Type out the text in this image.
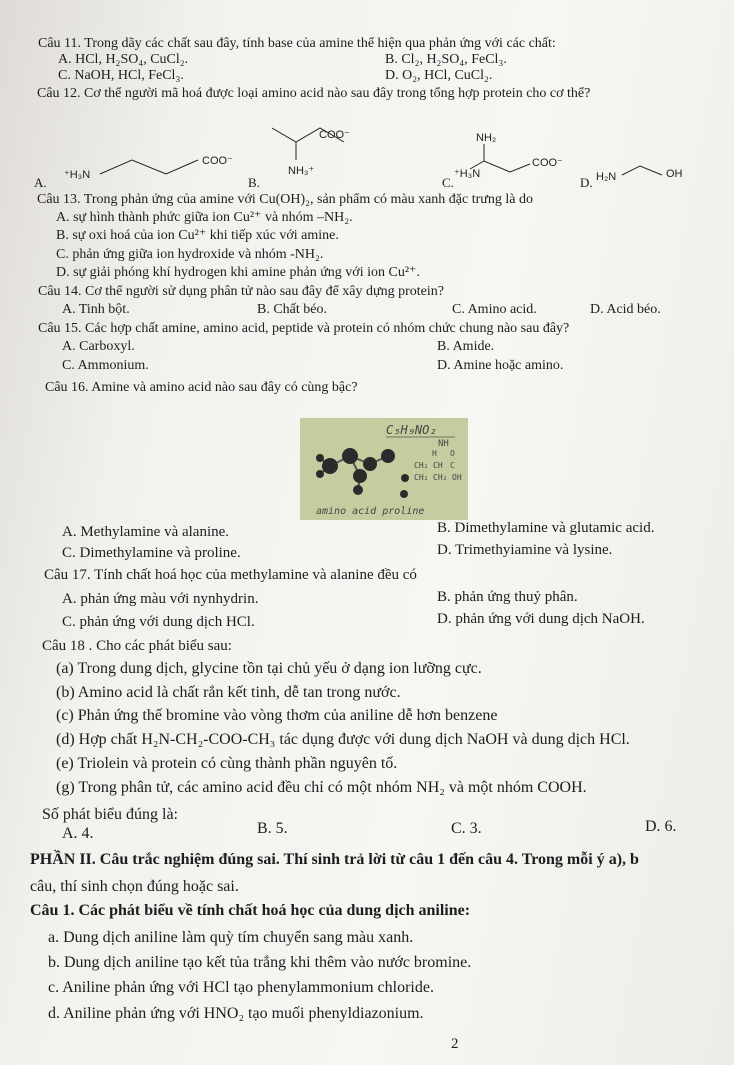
Câu 11. Trong dãy các chất sau đây, tính base của amine thể hiện qua phản ứng với các chất:
A. HCl, H₂SO₄, CuCl₂.	B. Cl₂, H₂SO₄, FeCl₃.
C. NaOH, HCl, FeCl₃.	D. O₂, HCl, CuCl₂.
Câu 12. Cơ thể người mã hoá được loại amino acid nào sau đây trong tổng hợp protein cho cơ thể?
A. ⁺H₃N
COO⁻
B.
COO⁻
NH₃⁺
C.
NH₂
⁺H₃N
COO⁻
D. H₂N	OH
Câu 13. Trong phản ứng của amine với Cu(OH)₂, sản phẩm có màu xanh đặc trưng là do
A. sự hình thành phức giữa ion Cu²⁺ và nhóm –NH₂.
B. sự oxi hoá của ion Cu²⁺ khi tiếp xúc với amine.
C. phản ứng giữa ion hydroxide và nhóm -NH₂.
D. sự giải phóng khí hydrogen khi amine phản ứng với ion Cu²⁺.
Câu 14. Cơ thể người sử dụng phân tử nào sau đây để xây dựng protein?
A. Tinh bột.	B. Chất béo.	C. Amino acid.	D. Acid béo.
Câu 15. Các hợp chất amine, amino acid, peptide và protein có nhóm chức chung nào sau đây?
A. Carboxyl.	B. Amide.
C. Ammonium.	D. Amine hoặc amino.
Câu 16. Amine và amino acid nào sau đây có cùng bậc?
C₅H₉NO₂
NH
H O
CH₂ CH C
CH₂ CH₂ OH
amino acid proline
A. Methylamine và alanine.	B. Dimethylamine và glutamic acid.
C. Dimethylamine và proline.	D. Trimethyiamine và lysine.
Câu 17. Tính chất hoá học của methylamine và alanine đều có
A. phản ứng màu với nynhydrin.	B. phản ứng thuỷ phân.
C. phản ứng với dung dịch HCl.	D. phản ứng với dung dịch NaOH.
Câu 18 . Cho các phát biểu sau:
(a) Trong dung dịch, glycine tồn tại chủ yếu ở dạng ion lưỡng cực.
(b) Amino acid là chất rắn kết tinh, dễ tan trong nước.
(c) Phản ứng thế bromine vào vòng thơm của aniline dễ hơn benzene
(d) Hợp chất H₂N-CH₂-COO-CH₃ tác dụng được với dung dịch NaOH và dung dịch HCl.
(e) Triolein và protein có cùng thành phần nguyên tố.
(g) Trong phân tử, các amino acid đều chỉ có một nhóm NH₂ và một nhóm COOH.
Số phát biểu đúng là:
A. 4.	B. 5.	C. 3.	D. 6.
PHẦN II. Câu trắc nghiệm đúng sai. Thí sinh trả lời từ câu 1 đến câu 4. Trong mỗi ý a), b
câu, thí sinh chọn đúng hoặc sai.
Câu 1. Các phát biểu về tính chất hoá học của dung dịch aniline:
a. Dung dịch aniline làm quỳ tím chuyển sang màu xanh.
b. Dung dịch aniline tạo kết tủa trắng khi thêm vào nước bromine.
c. Aniline phản ứng với HCl tạo phenylammonium chloride.
d. Aniline phản ứng với HNO₂ tạo muối phenyldiazonium.
2
